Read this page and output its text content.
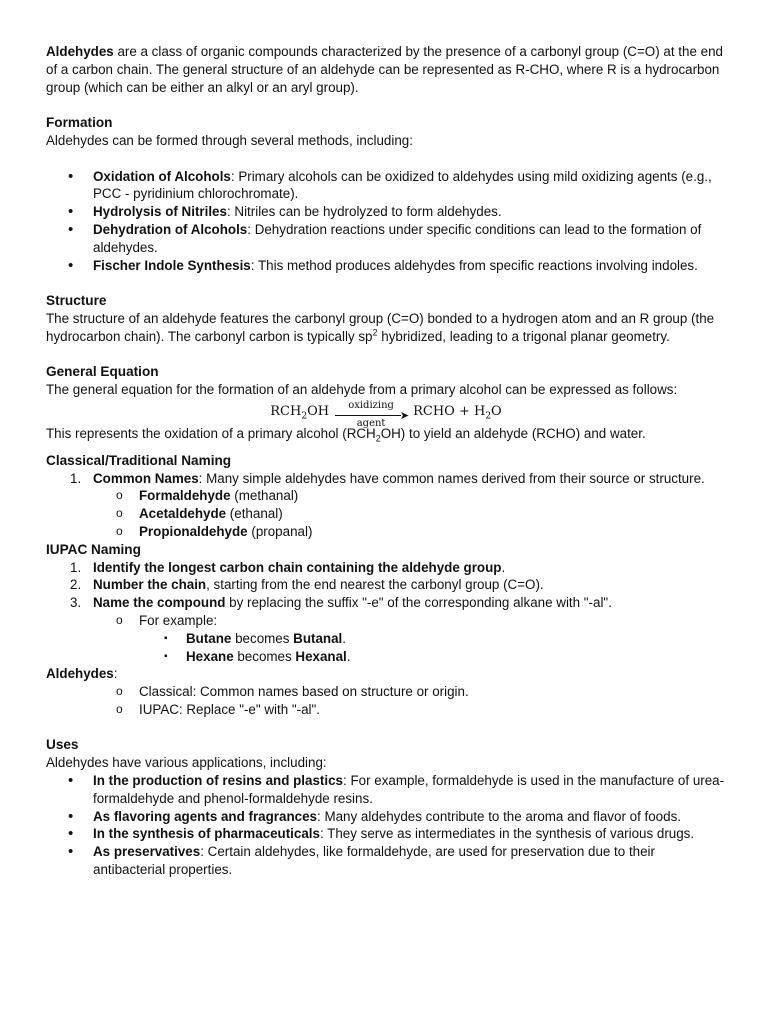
Aldehydes are a class of organic compounds characterized by the presence of a carbonyl group (C=O) at the end of a carbon chain. The general structure of an aldehyde can be represented as R-CHO, where R is a hydrocarbon group (which can be either an alkyl or an aryl group).

Formation

Aldehydes can be formed through several methods, including:

• Oxidation of Alcohols: Primary alcohols can be oxidized to aldehydes using mild oxidizing agents (e.g., PCC - pyridinium chlorochromate).
• Hydrolysis of Nitriles: Nitriles can be hydrolyzed to form aldehydes.
• Dehydration of Alcohols: Dehydration reactions under specific conditions can lead to the formation of aldehydes.
• Fischer Indole Synthesis: This method produces aldehydes from specific reactions involving indoles.

Structure

The structure of an aldehyde features the carbonyl group (C=O) bonded to a hydrogen atom and an R group (the hydrocarbon chain). The carbonyl carbon is typically $sp^2$ hybridized, leading to a trigonal planar geometry.

General Equation

The general equation for the formation of an aldehyde from a primary alcohol can be expressed as follows:

$RCH_2OH$	oxidizing agent
➤ RCHO + $H_2O$

This represents the oxidation of a primary alcohol $(RCH_2OH)$ to yield an aldehyde (RCHO) and water.

Classical/Traditional Naming

1. Common Names: Many simple aldehydes have common names derived from their source or structure.
o Formaldehyde (methanal)
o Acetaldehyde (ethanal)
o Propionaldehyde (propanal)

IUPAC Naming

1. Identify the longest carbon chain containing the aldehyde group.
2. Number the chain, starting from the end nearest the carbonyl group (C=O).
3. Name the compound by replacing the suffix "-e" of the corresponding alkane with "-al".
o For example:
▪ Butane becomes Butanal.
▪ Hexane becomes Hexanal.

Aldehydes:

o Classical: Common names based on structure or origin.
o IUPAC: Replace "-e" with "-al".

Uses

Aldehydes have various applications, including:

• In the production of resins and plastics: For example, formaldehyde is used in the manufacture of urea-formaldehyde and phenol-formaldehyde resins.
• As flavoring agents and fragrances: Many aldehydes contribute to the aroma and flavor of foods.
• In the synthesis of pharmaceuticals: They serve as intermediates in the synthesis of various drugs.
• As preservatives: Certain aldehydes, like formaldehyde, are used for preservation due to their antibacterial properties.
